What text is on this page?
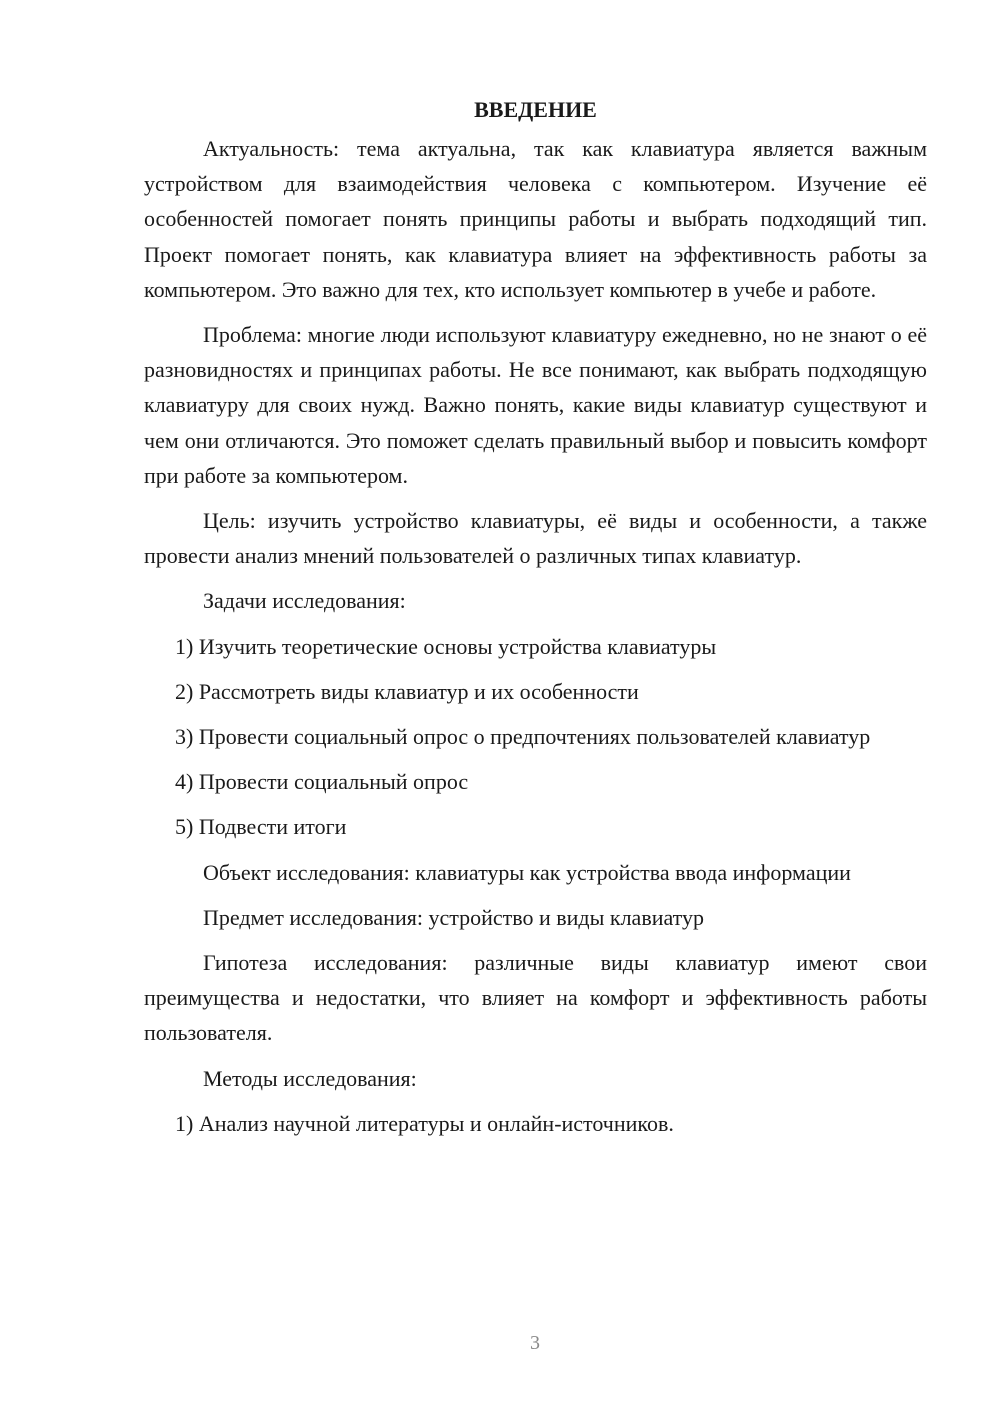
ВВЕДЕНИЕ

Актуальность: тема актуальна, так как клавиатура является важным устройством для взаимодействия человека с компьютером. Изучение её особенностей помогает понять принципы работы и выбрать подходящий тип. Проект помогает понять, как клавиатура влияет на эффективность работы за компьютером. Это важно для тех, кто использует компьютер в учебе и работе.

Проблема: многие люди используют клавиатуру ежедневно, но не знают о её разновидностях и принципах работы. Не все понимают, как выбрать подходящую клавиатуру для своих нужд. Важно понять, какие виды клавиатур существуют и чем они отличаются. Это поможет сделать правильный выбор и повысить комфорт при работе за компьютером.

Цель: изучить устройство клавиатуры, её виды и особенности, а также провести анализ мнений пользователей о различных типах клавиатур.

Задачи исследования:

1) Изучить теоретические основы устройства клавиатуры

2) Рассмотреть виды клавиатур и их особенности

3) Провести социальный опрос о предпочтениях пользователей клавиатур

4) Провести социальный опрос

5) Подвести итоги

Объект исследования: клавиатуры как устройства ввода информации

Предмет исследования: устройство и виды клавиатур

Гипотеза исследования: различные виды клавиатур имеют свои преимущества и недостатки, что влияет на комфорт и эффективность работы пользователя.

Методы исследования:

1) Анализ научной литературы и онлайн-источников.

3
